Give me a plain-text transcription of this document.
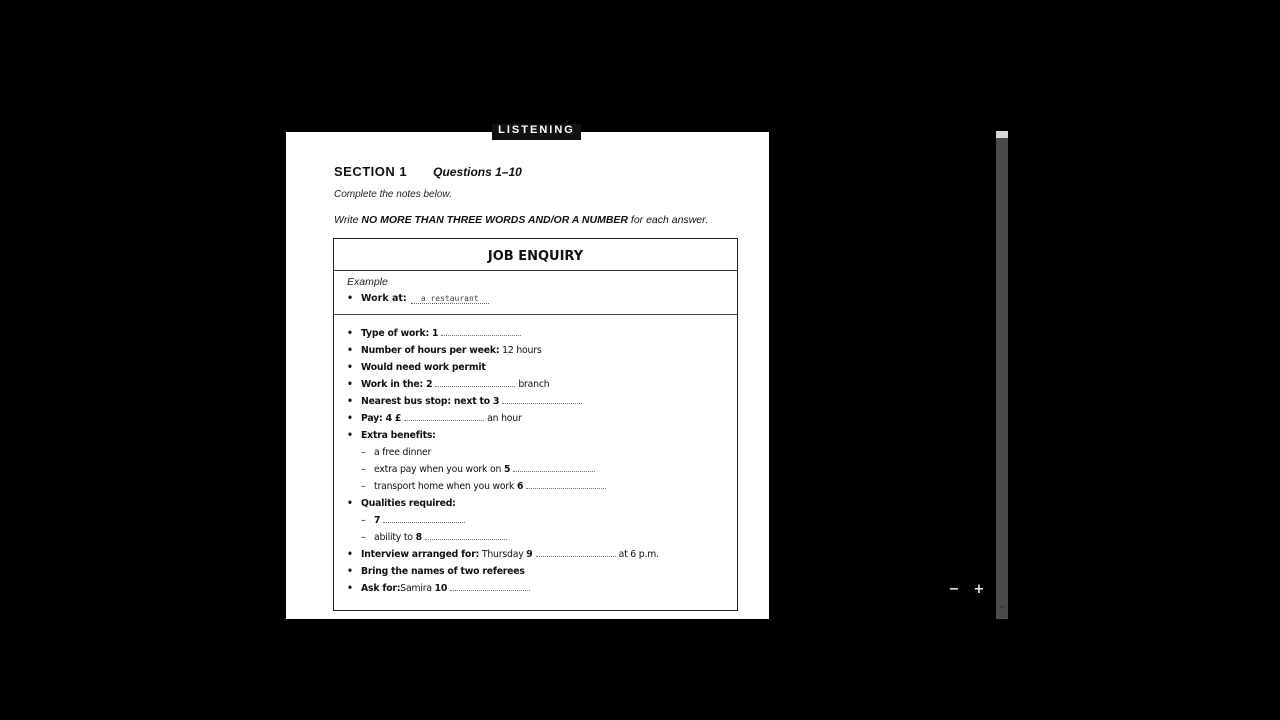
LISTENING
SECTION 1 Questions 1–10
Complete the notes below.
Write NO MORE THAN THREE WORDS AND/OR A NUMBER for each answer.
JOB ENQUIRY
Example
• Work at: a restaurant
• Type of work: 1
• Number of hours per week: 12 hours
• Would need work permit
• Work in the: 2	branch
• Nearest bus stop: next to 3
• Pay: 4 £	an hour
• Extra benefits:
– a free dinner
– extra pay when you work on 5
– transport home when you work 6
• Qualities required:
– 7
– ability to 8
• Interview arranged for: Thursday 9	at 6 p.m.
• Bring the names of two referees
• Ask for:Samira 10	− +
⌄
